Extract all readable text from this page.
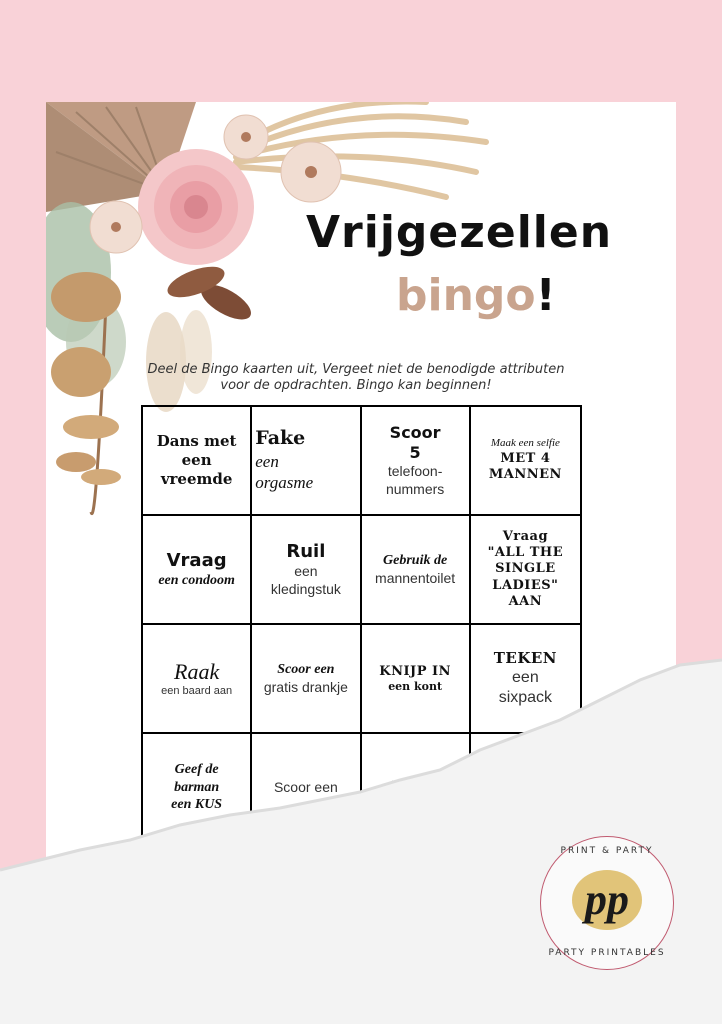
Vrijgezellen
bingo!

Deel de Bingo kaarten uit, Vergeet niet de benodigde attributen voor de opdrachten. Bingo kan beginnen!

Dans met
een
vreemde
Fake
een
orgasme
Scoor
5
telefoon-
nummers
Maak een selfie
MET 4
MANNEN
Vraag
een condoom
Ruil
een
kledingstuk
Gebruik de
mannentoilet
Vraag
"ALL THE
SINGLE
LADIES" AAN
Raak
een baard aan
Scoor een
gratis drankje
KNIJP IN
een kont
TEKEN
een
sixpack
Geef de
barman
een KUS
Scoor een
PRINT & PARTY
pp
PARTY PRINTABLES
